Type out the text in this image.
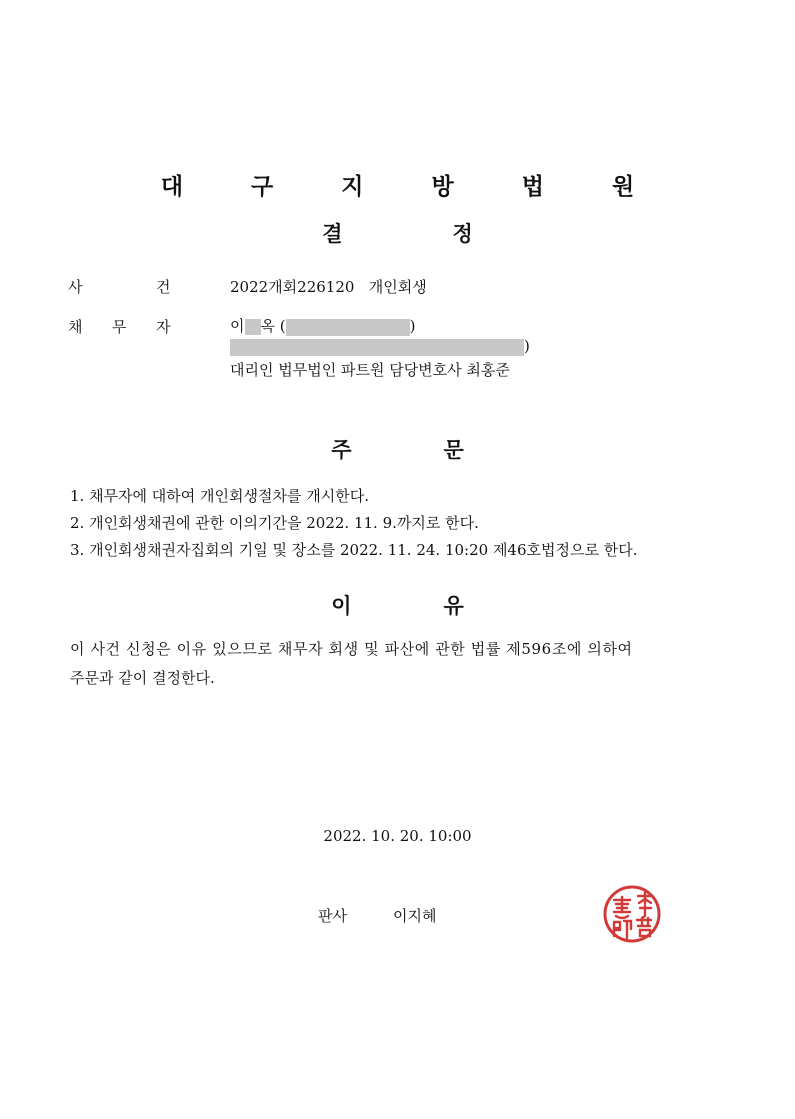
대 구 지 방 법 원
결	정
사	건	2022개회226120 개인회생
채 무 자	이 옥 (	)
)
대리인 법무법인 파트원 담당변호사 최홍준
주	문
1. 채무자에 대하여 개인회생절차를 개시한다.
2. 개인회생채권에 관한 이의기간을 2022. 11. 9.까지로 한다.
3. 개인회생채권자집회의 기일 및 장소를 2022. 11. 24. 10:20 제46호법정으로 한다.
이	유
이 사건 신청은 이유 있으므로 채무자 회생 및 파산에 관한 법률 제596조에 의하여
주문과 같이 결정한다.
2022. 10. 20. 10:00
판사	이지혜
